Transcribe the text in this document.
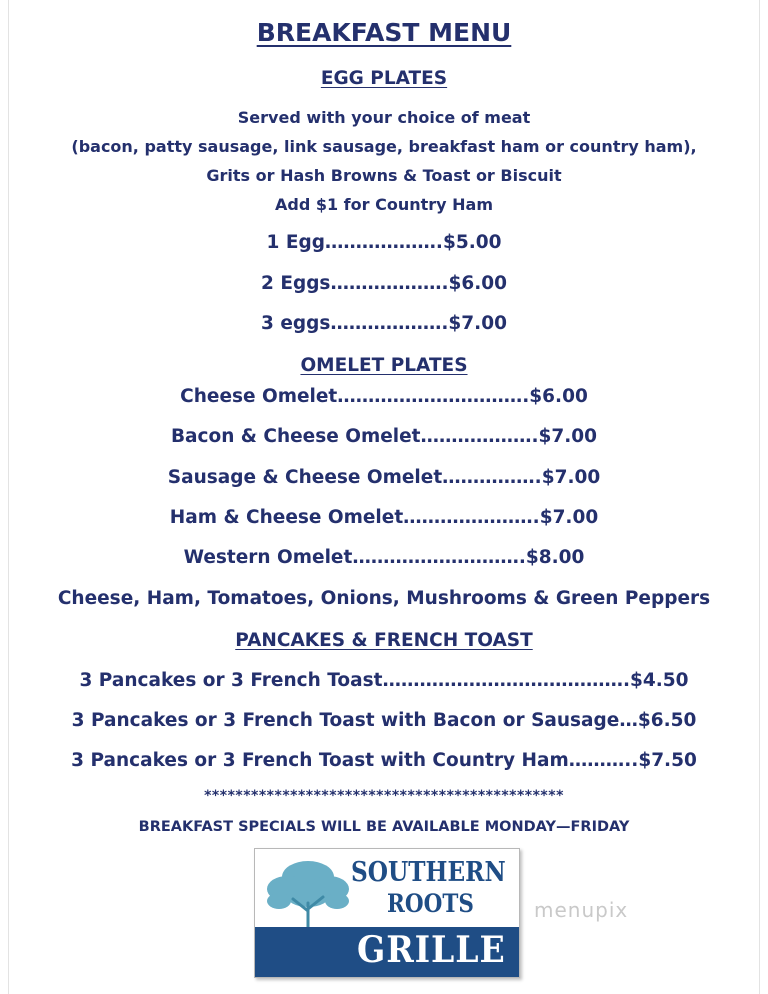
BREAKFAST MENU
EGG PLATES
Served with your choice of meat
(bacon, patty sausage, link sausage, breakfast ham or country ham),
Grits or Hash Browns & Toast or Biscuit
Add $1 for Country Ham
1 Egg……………….$5.00
2 Eggs……………….$6.00
3 eggs……………….$7.00
OMELET PLATES
Cheese Omelet………………………….$6.00
Bacon & Cheese Omelet……………….$7.00
Sausage & Cheese Omelet…………….$7.00
Ham & Cheese Omelet………………….$7.00
Western Omelet……………………….$8.00
Cheese, Ham, Tomatoes, Onions, Mushrooms & Green Peppers
PANCAKES & FRENCH TOAST
3 Pancakes or 3 French Toast………………………………….$4.50
3 Pancakes or 3 French Toast with Bacon or Sausage…$6.50
3 Pancakes or 3 French Toast with Country Ham………..$7.50
**********************************************
BREAKFAST SPECIALS WILL BE AVAILABLE MONDAY—FRIDAY
SOUTHERN
ROOTS
GRILLE
menupix
